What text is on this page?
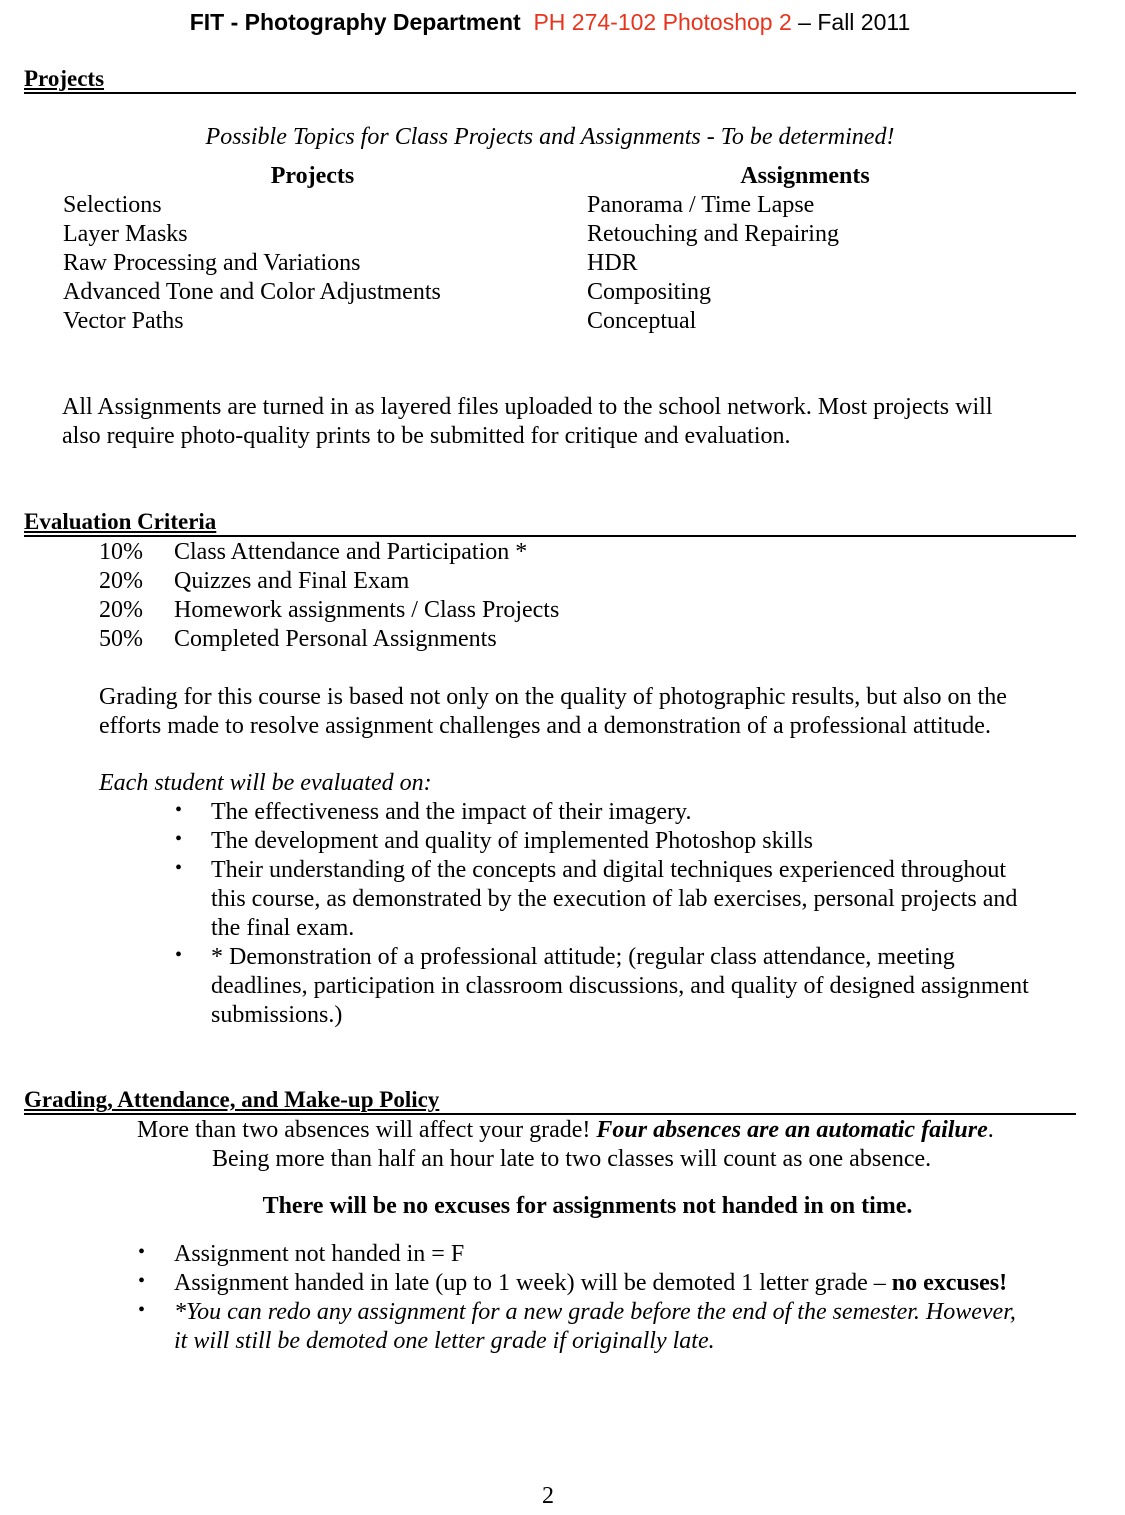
FIT - Photography Department PH 274-102 Photoshop 2 – Fall 2011
Projects
Possible Topics for Class Projects and Assignments - To be determined!
Projects	Assignments
Selections
Layer Masks
Raw Processing and Variations
Advanced Tone and Color Adjustments
Vector Paths
Panorama / Time Lapse
Retouching and Repairing
HDR
Compositing
Conceptual
All Assignments are turned in as layered files uploaded to the school network. Most projects will
also require photo-quality prints to be submitted for critique and evaluation.
Evaluation Criteria
10% Class Attendance and Participation *
20% Quizzes and Final Exam
20% Homework assignments / Class Projects
50% Completed Personal Assignments
Grading for this course is based not only on the quality of photographic results, but also on the
efforts made to resolve assignment challenges and a demonstration of a professional attitude.
Each student will be evaluated on:
• The effectiveness and the impact of their imagery.
• The development and quality of implemented Photoshop skills
• Their understanding of the concepts and digital techniques experienced throughout
this course, as demonstrated by the execution of lab exercises, personal projects and
the final exam.
• * Demonstration of a professional attitude; (regular class attendance, meeting
deadlines, participation in classroom discussions, and quality of designed assignment
submissions.)
Grading, Attendance, and Make-up Policy
More than two absences will affect your grade! Four absences are an automatic failure.
Being more than half an hour late to two classes will count as one absence.
There will be no excuses for assignments not handed in on time.
• Assignment not handed in = F
• Assignment handed in late (up to 1 week) will be demoted 1 letter grade – no excuses!
• *You can redo any assignment for a new grade before the end of the semester. However,
it will still be demoted one letter grade if originally late.
2
